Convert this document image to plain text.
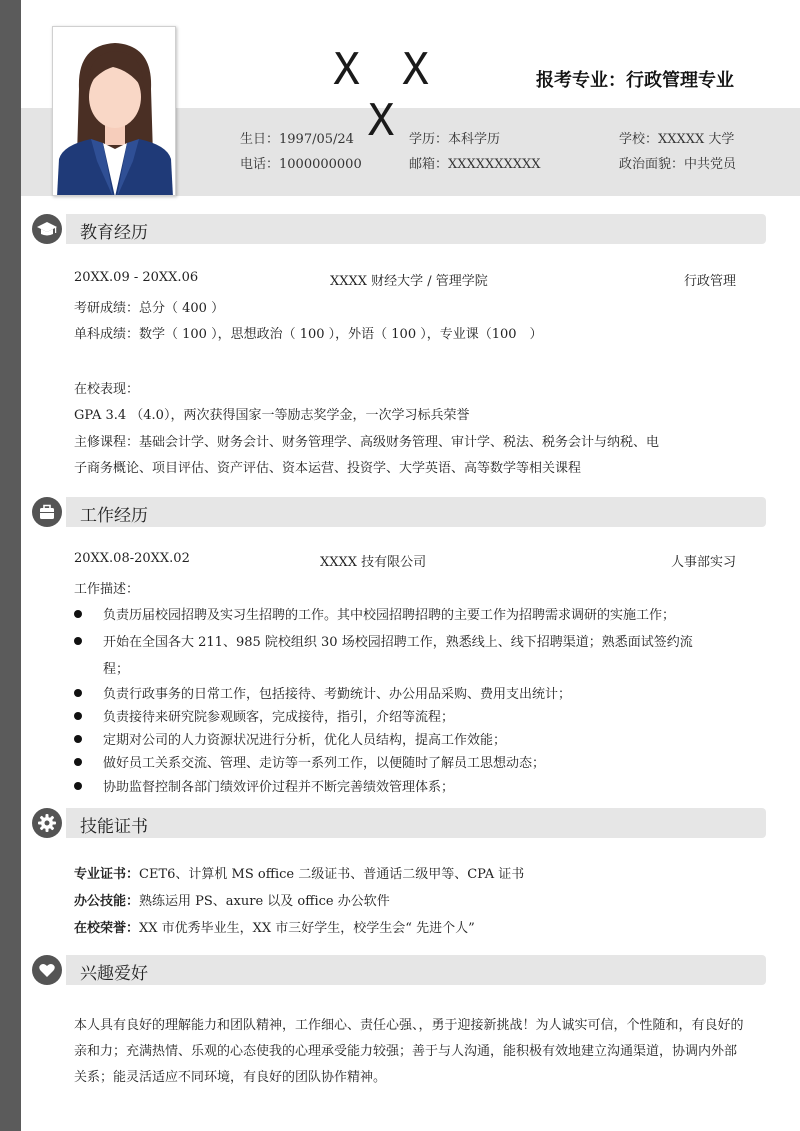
X X X
报考专业：行政管理专业
生日：1997/05/24	学历：本科学历	学校：XXXXX 大学
电话：1000000000	邮箱：XXXXXXXXXX	政治面貌：中共党员
教育经历
20XX.09 - 20XX.06	XXXX 财经大学 / 管理学院	行政管理
考研成绩：总分（ 400 ）
单科成绩：数学（ 100 ），思想政治（ 100 ），外语（ 100 ），专业课（100　）
在校表现：
GPA 3.4 （4.0），两次获得国家一等励志奖学金，一次学习标兵荣誉
主修课程：基础会计学、财务会计、财务管理学、高级财务管理、审计学、税法、税务会计与纳税、电
子商务概论、项目评估、资产评估、资本运营、投资学、大学英语、高等数学等相关课程
工作经历
20XX.08-20XX.02	XXXX 技有限公司	人事部实习
工作描述：
负责历届校园招聘及实习生招聘的工作。其中校园招聘招聘的主要工作为招聘需求调研的实施工作；
开始在全国各大 211、985 院校组织 30 场校园招聘工作，熟悉线上、线下招聘渠道；熟悉面试签约流
程；
负责行政事务的日常工作，包括接待、考勤统计、办公用品采购、费用支出统计；
负责接待来研究院参观顾客，完成接待，指引，介绍等流程；
定期对公司的人力资源状况进行分析，优化人员结构，提高工作效能；
做好员工关系交流、管理、走访等一系列工作，以便随时了解员工思想动态；
协助监督控制各部门绩效评价过程并不断完善绩效管理体系；
技能证书
专业证书：CET6、计算机 MS office 二级证书、普通话二级甲等、CPA 证书
办公技能：熟练运用 PS、axure 以及 office 办公软件
在校荣誉：XX 市优秀毕业生，XX 市三好学生，校学生会“ 先进个人”
兴趣爱好
本人具有良好的理解能力和团队精神，工作细心、责任心强、，勇于迎接新挑战！为人诚实可信，个性随和，有良好的亲和力；充满热情、乐观的心态使我的心理承受能力较强；善于与人沟通，能积极有效地建立沟通渠道，协调内外部关系；能灵活适应不同环境，有良好的团队协作精神。
